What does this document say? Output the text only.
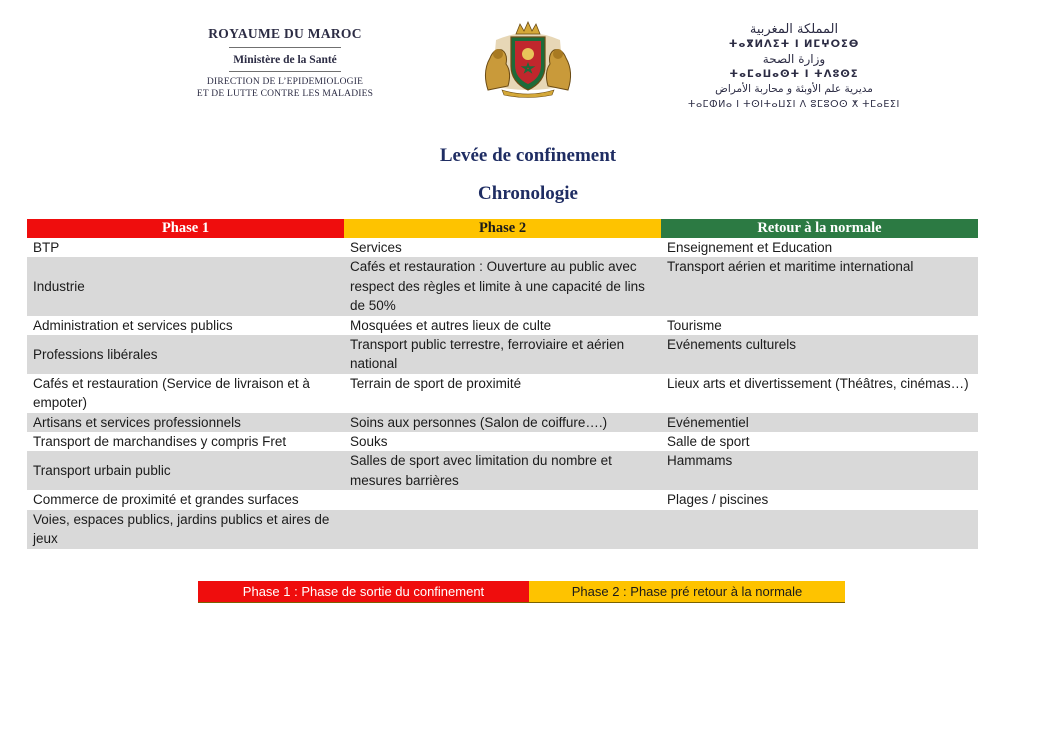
ROYAUME DU MAROC
Ministère de la Santé
DIRECTION DE L’EPIDEMIOLOGIE
ET DE LUTTE CONTRE LES MALADIES
المملكة المغربية
ⵜⴰⴳⵍⴷⵉⵜ ⵏ ⵍⵎⵖⵔⵉⴱ
وزارة الصحة
ⵜⴰⵎⴰⵡⴰⵙⵜ ⵏ ⵜⴷⵓⵙⵉ
مديرية علم الأوبئة و محاربة الأمراض
ⵜⴰⵎⵀⵍⴰ ⵏ ⵜⵙⵏⵜⴰⵡⵉⵏ ⴷ ⵓⵎⵓⵔⵙ ⵅ ⵜⵎⴰⴹⵉⵏ
Levée de confinement
Chronologie
Phase 1	Phase 2	Retour à la normale
BTP	Services	Enseignement et Education
Industrie	Cafés et restauration : Ouverture au public avec respect des règles et limite à une capacité de lins de 50%	Transport aérien et maritime international
Administration et services publics	Mosquées et autres lieux de culte	Tourisme
Professions libérales	Transport public terrestre, ferroviaire et aérien national	Evénements culturels
Cafés et restauration (Service de livraison et à empoter)	Terrain de sport de proximité	Lieux arts et divertissement (Théâtres, cinémas…)
Artisans et services professionnels	Soins aux personnes (Salon de coiffure….)	Evénementiel
Transport de marchandises y compris Fret	Souks	Salle de sport
Transport urbain public	Salles de sport avec limitation du nombre et mesures barrières	Hammams
Commerce de proximité et grandes surfaces		Plages / piscines
Voies, espaces publics, jardins publics et aires de jeux		
Phase 1 : Phase de sortie du confinement	Phase 2 : Phase pré retour à la normale
